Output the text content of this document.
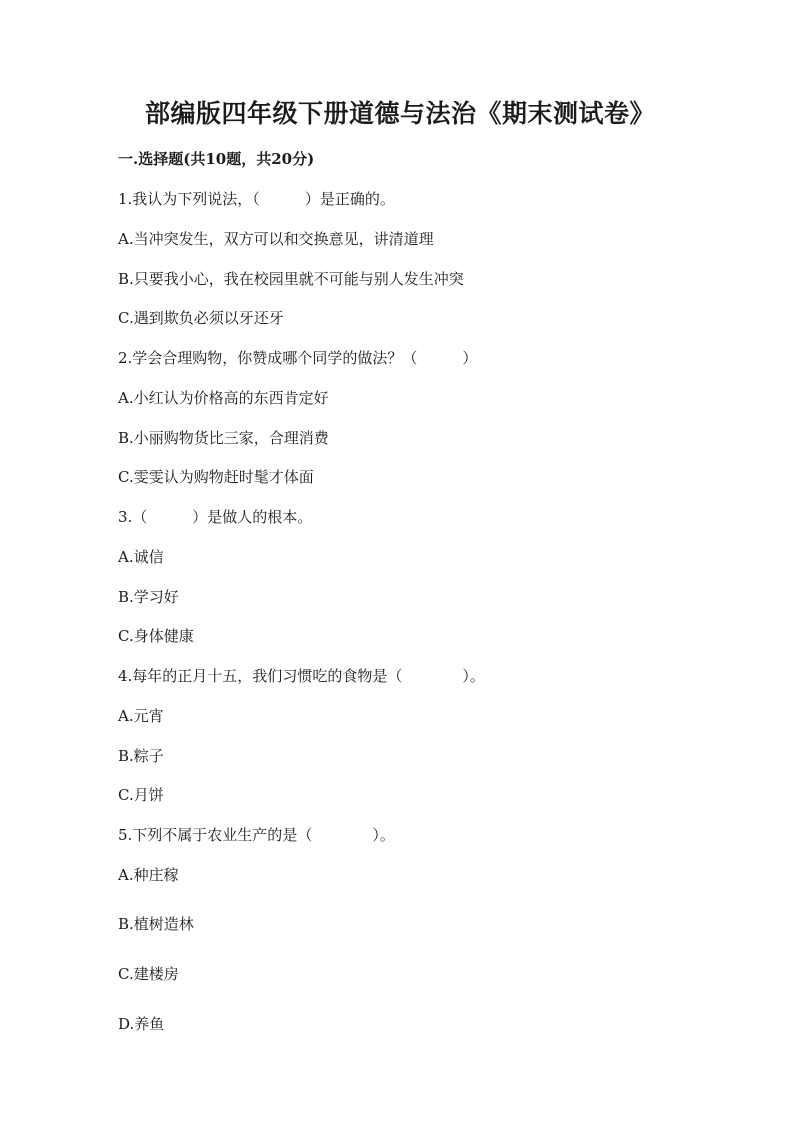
部编版四年级下册道德与法治《期末测试卷》
一.选择题(共10题，共20分)
1.我认为下列说法，（　　　）是正确的。
A.当冲突发生，双方可以和交换意见，讲清道理
B.只要我小心，我在校园里就不可能与别人发生冲突
C.遇到欺负必须以牙还牙
2.学会合理购物，你赞成哪个同学的做法？（　　　）
A.小红认为价格高的东西肯定好
B.小丽购物货比三家，合理消费
C.雯雯认为购物赶时髦才体面
3.（　　　）是做人的根本。
A.诚信
B.学习好
C.身体健康
4.每年的正月十五，我们习惯吃的食物是（　　　　）。
A.元宵
B.粽子
C.月饼
5.下列不属于农业生产的是（　　　　）。
A.种庄稼
B.植树造林
C.建楼房
D.养鱼
